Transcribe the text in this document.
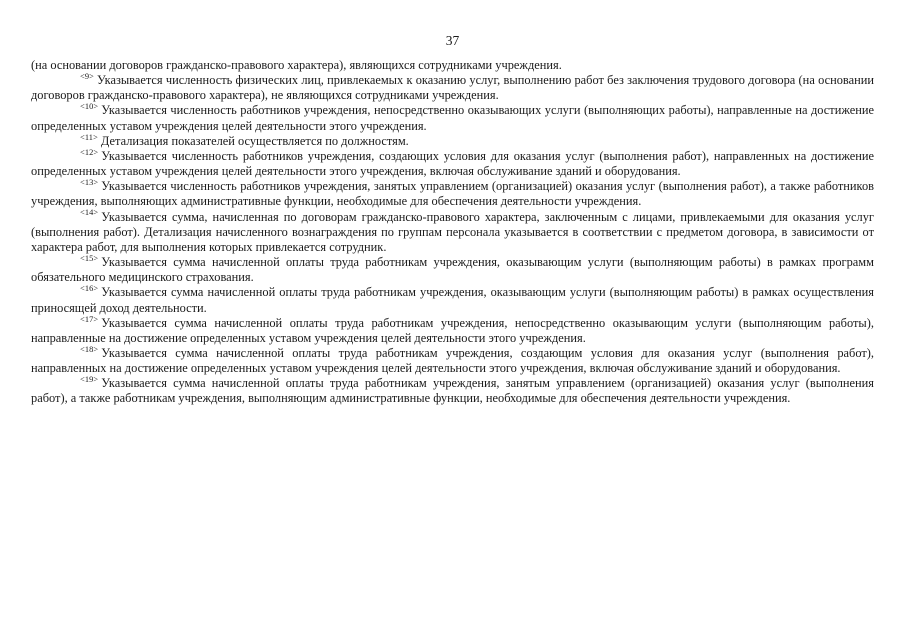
37

(на основании договоров гражданско-правового характера), являющихся сотрудниками учреждения.

$^{<9>}$ Указывается численность физических лиц, привлекаемых к оказанию услуг, выполнению работ без заключения трудового договора (на основании договоров гражданско-правового характера), не являющихся сотрудниками учреждения.

$^{<10>}$ Указывается численность работников учреждения, непосредственно оказывающих услуги (выполняющих работы), направленные на достижение определенных уставом учреждения целей деятельности этого учреждения.

$^{<11>}$ Детализация показателей осуществляется по должностям.

$^{<12>}$ Указывается численность работников учреждения, создающих условия для оказания услуг (выполнения работ), направленных на достижение определенных уставом учреждения целей деятельности этого учреждения, включая обслуживание зданий и оборудования.

$^{<13>}$ Указывается численность работников учреждения, занятых управлением (организацией) оказания услуг (выполнения работ), а также работников учреждения, выполняющих административные функции, необходимые для обеспечения деятельности учреждения.

$^{<14>}$ Указывается сумма, начисленная по договорам гражданско-правового характера, заключенным с лицами, привлекаемыми для оказания услуг (выполнения работ). Детализация начисленного вознаграждения по группам персонала указывается в соответствии с предметом договора, в зависимости от характера работ, для выполнения которых привлекается сотрудник.

$^{<15>}$ Указывается сумма начисленной оплаты труда работникам учреждения, оказывающим услуги (выполняющим работы) в рамках программ обязательного медицинского страхования.

$^{<16>}$ Указывается сумма начисленной оплаты труда работникам учреждения, оказывающим услуги (выполняющим работы) в рамках осуществления приносящей доход деятельности.

$^{<17>}$ Указывается сумма начисленной оплаты труда работникам учреждения, непосредственно оказывающим услуги (выполняющим работы), направленные на достижение определенных уставом учреждения целей деятельности этого учреждения.

$^{<18>}$ Указывается сумма начисленной оплаты труда работникам учреждения, создающим условия для оказания услуг (выполнения работ), направленных на достижение определенных уставом учреждения целей деятельности этого учреждения, включая обслуживание зданий и оборудования.

$^{<19>}$ Указывается сумма начисленной оплаты труда работникам учреждения, занятым управлением (организацией) оказания услуг (выполнения работ), а также работникам учреждения, выполняющим административные функции, необходимые для обеспечения деятельности учреждения.
